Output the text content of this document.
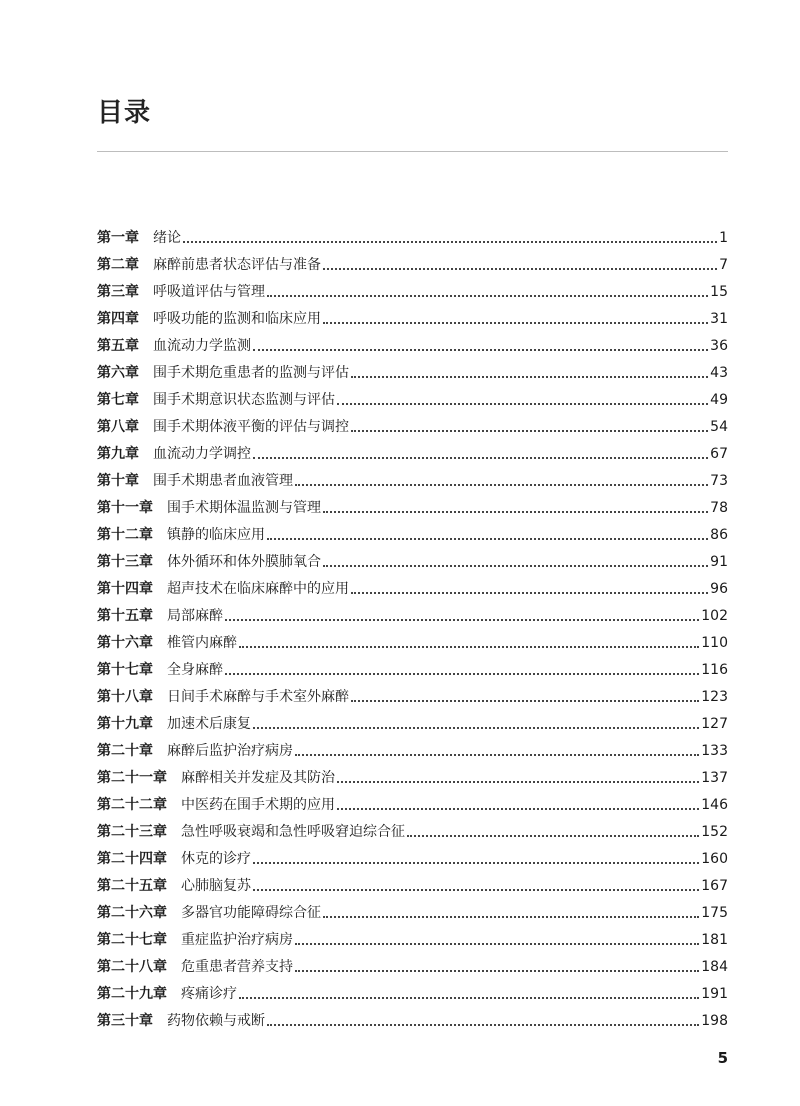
目录
第一章 绪论	1
第二章 麻醉前患者状态评估与准备	7
第三章 呼吸道评估与管理	15
第四章 呼吸功能的监测和临床应用	31
第五章 血流动力学监测	36
第六章 围手术期危重患者的监测与评估	43
第七章 围手术期意识状态监测与评估	49
第八章 围手术期体液平衡的评估与调控	54
第九章 血流动力学调控	67
第十章 围手术期患者血液管理	73
第十一章 围手术期体温监测与管理	78
第十二章 镇静的临床应用	86
第十三章 体外循环和体外膜肺氧合	91
第十四章 超声技术在临床麻醉中的应用	96
第十五章 局部麻醉	102
第十六章 椎管内麻醉	110
第十七章 全身麻醉	116
第十八章 日间手术麻醉与手术室外麻醉	123
第十九章 加速术后康复	127
第二十章 麻醉后监护治疗病房	133
第二十一章 麻醉相关并发症及其防治	137
第二十二章 中医药在围手术期的应用	146
第二十三章 急性呼吸衰竭和急性呼吸窘迫综合征	152
第二十四章 休克的诊疗	160
第二十五章 心肺脑复苏	167
第二十六章 多器官功能障碍综合征	175
第二十七章 重症监护治疗病房	181
第二十八章 危重患者营养支持	184
第二十九章 疼痛诊疗	191
第三十章 药物依赖与戒断	198
5
